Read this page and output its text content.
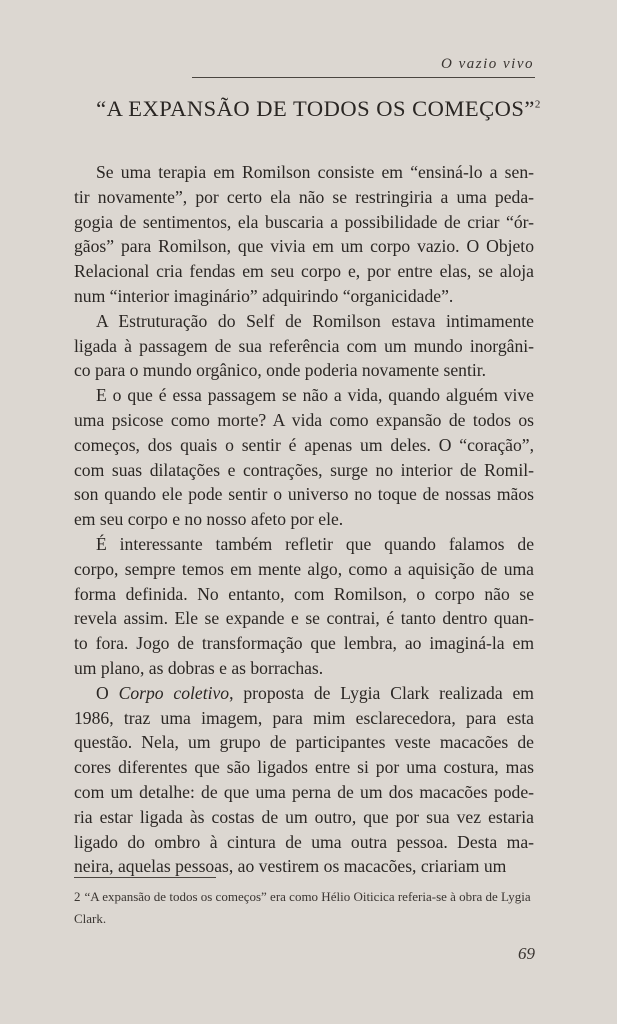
O vazio vivo
“A EXPANSÃO DE TODOS OS COMEÇOS”$^2$

Se uma terapia em Romilson consiste em “ensiná-lo a sen-
tir novamente”, por certo ela não se restringiria a uma peda-
gogia de sentimentos, ela buscaria a possibilidade de criar “ór-
gãos” para Romilson, que vivia em um corpo vazio. O Objeto
Relacional cria fendas em seu corpo e, por entre elas, se aloja
num “interior imaginário” adquirindo “organicidade”.

A Estruturação do Self de Romilson estava intimamente
ligada à passagem de sua referência com um mundo inorgâni-
co para o mundo orgânico, onde poderia novamente sentir.

E o que é essa passagem se não a vida, quando alguém vive
uma psicose como morte? A vida como expansão de todos os
começos, dos quais o sentir é apenas um deles. O “coração”,
com suas dilatações e contrações, surge no interior de Romil-
son quando ele pode sentir o universo no toque de nossas mãos
em seu corpo e no nosso afeto por ele.

É interessante também refletir que quando falamos de
corpo, sempre temos em mente algo, como a aquisição de uma
forma definida. No entanto, com Romilson, o corpo não se
revela assim. Ele se expande e se contrai, é tanto dentro quan-
to fora. Jogo de transformação que lembra, ao imaginá-la em
um plano, as dobras e as borrachas.

O Corpo coletivo, proposta de Lygia Clark realizada em
1986, traz uma imagem, para mim esclarecedora, para esta
questão. Nela, um grupo de participantes veste macacões de
cores diferentes que são ligados entre si por uma costura, mas
com um detalhe: de que uma perna de um dos macacões pode-
ria estar ligada às costas de um outro, que por sua vez estaria
ligado do ombro à cintura de uma outra pessoa. Desta ma-
neira, aquelas pessoas, ao vestirem os macacões, criariam um

2 “A expansão de todos os começos” era como Hélio Oiticica referia-se à obra de Lygia Clark.
69
